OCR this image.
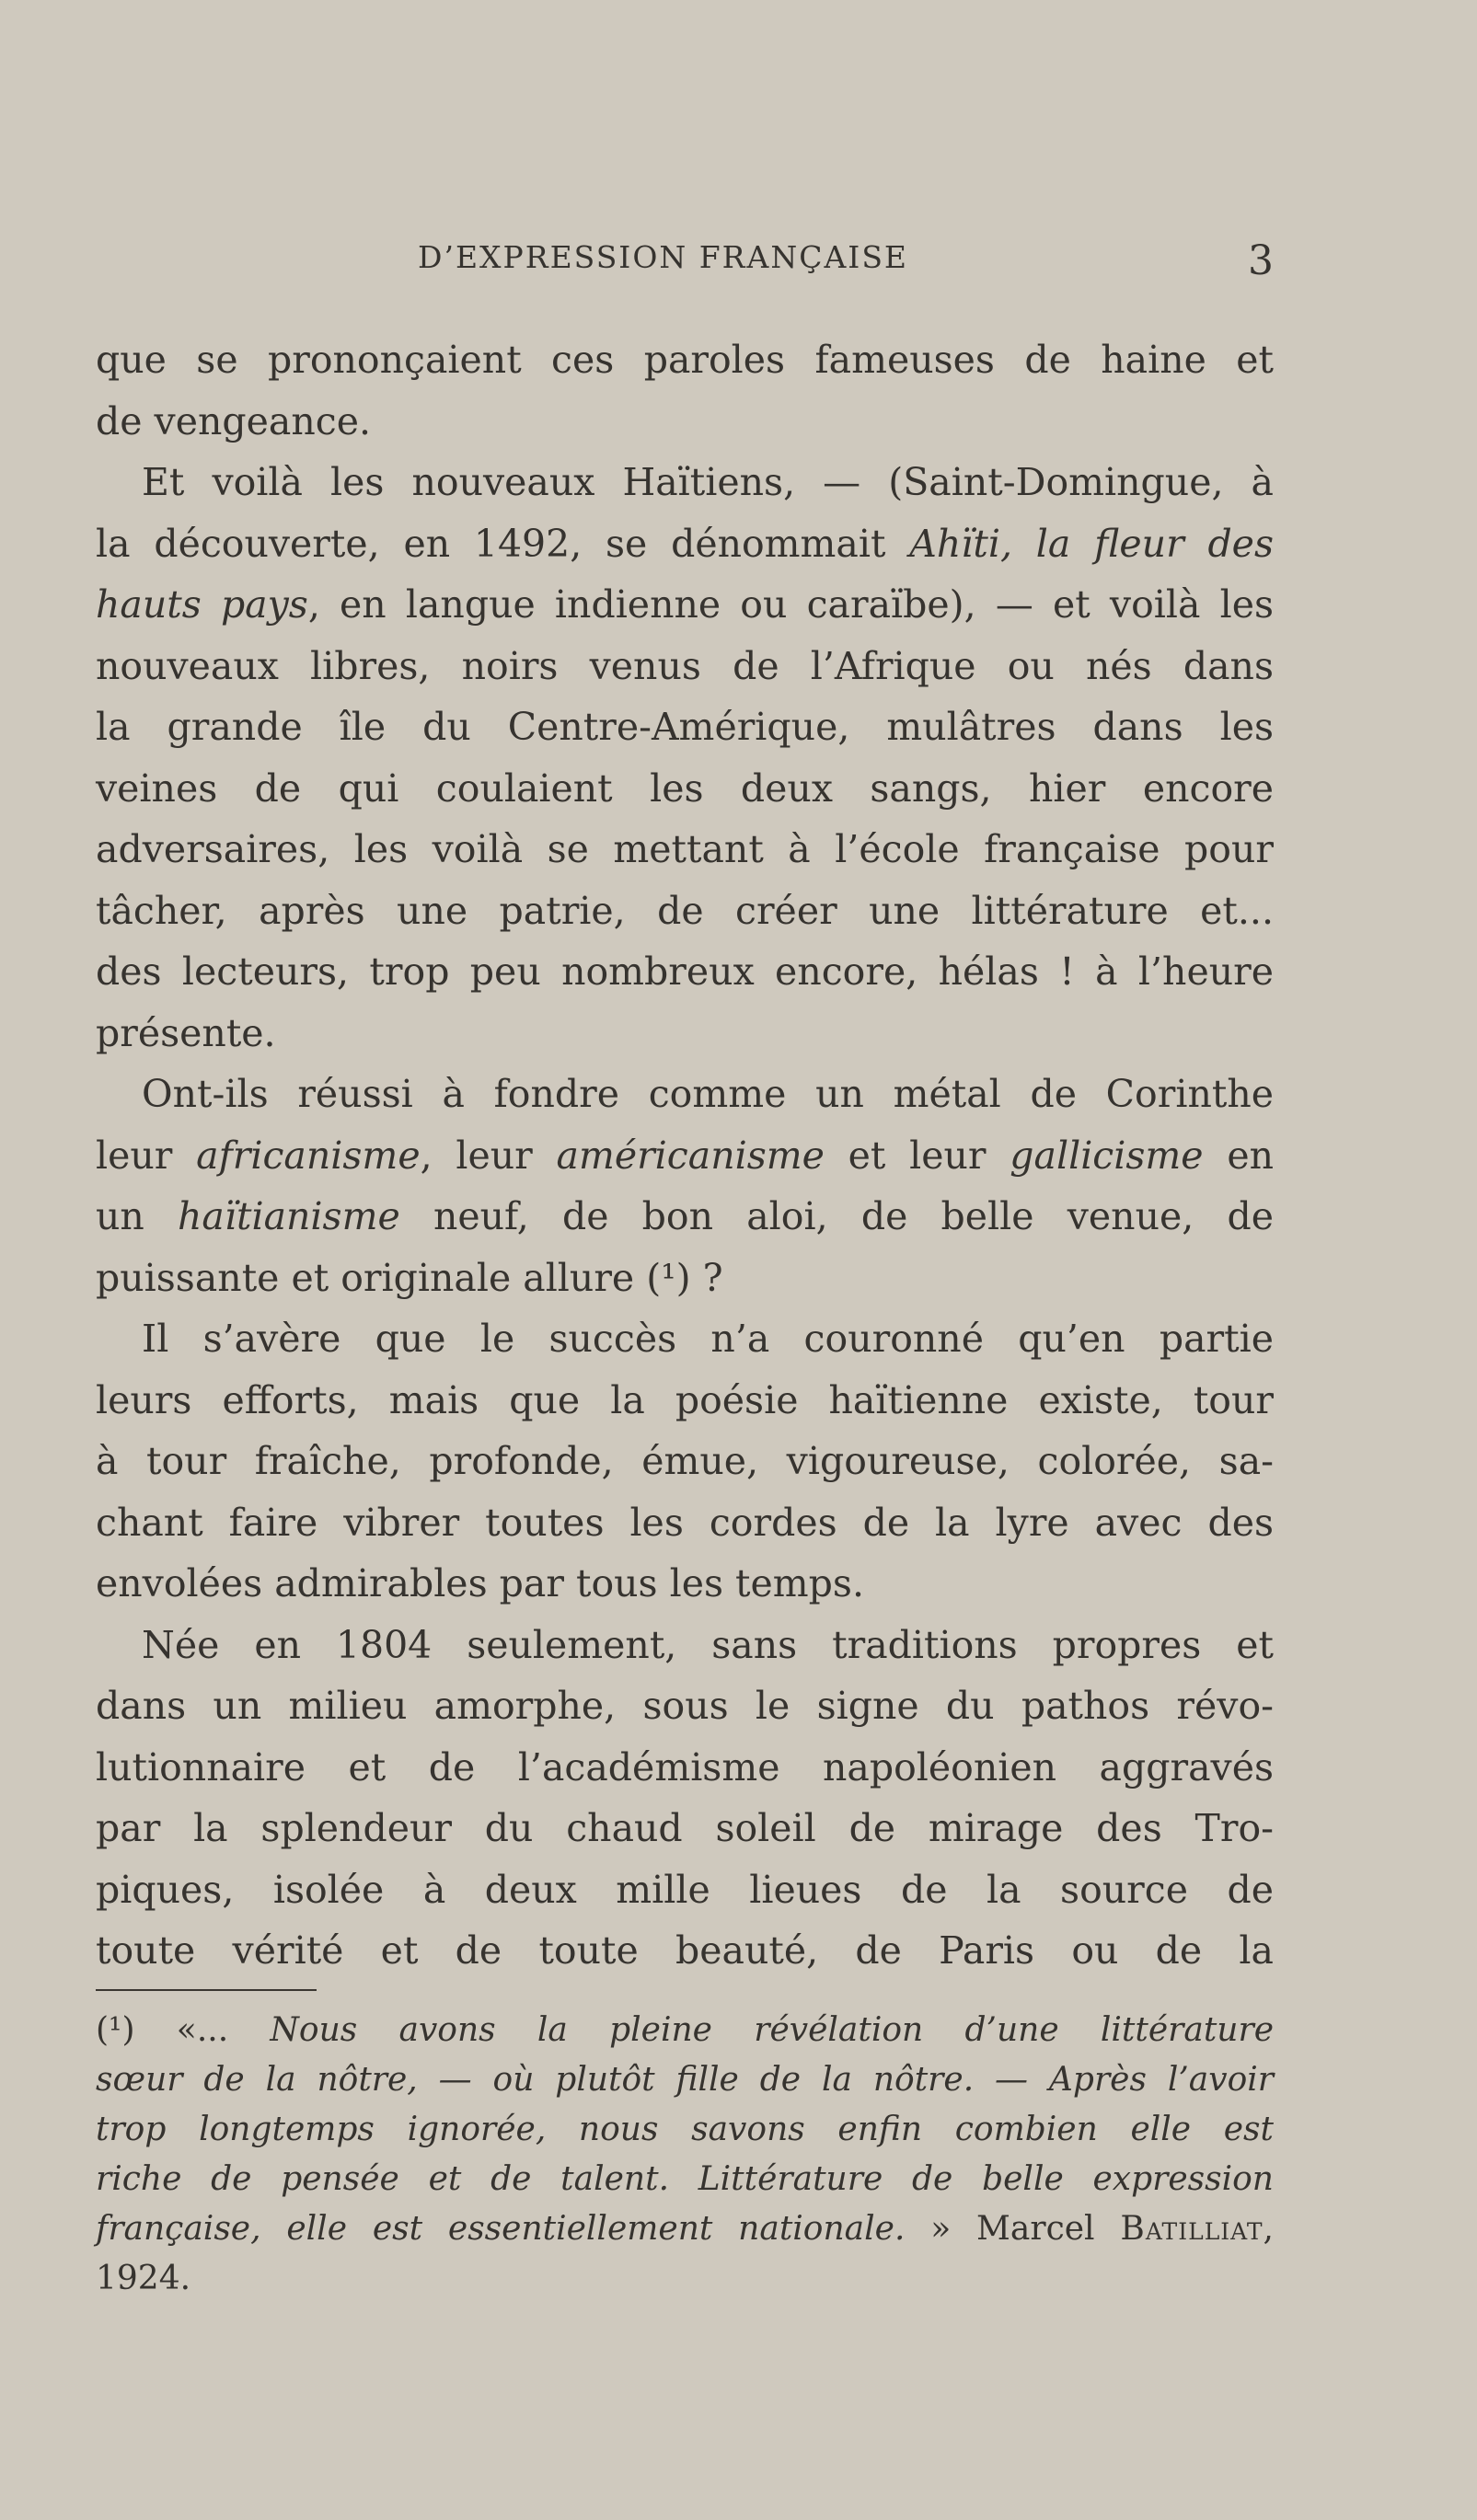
D’EXPRESSION FRANÇAISE	3
que se prononçaient ces paroles fameuses de haine et
de vengeance.
Et voilà les nouveaux Haïtiens, — (Saint-Domingue, à
la découverte, en 1492, se dénommait Ahïti, la fleur des
hauts pays, en langue indienne ou caraïbe), — et voilà les
nouveaux libres, noirs venus de l’Afrique ou nés dans
la grande île du Centre-Amérique, mulâtres dans les
veines de qui coulaient les deux sangs, hier encore
adversaires, les voilà se mettant à l’école française pour
tâcher, après une patrie, de créer une littérature et...
des lecteurs, trop peu nombreux encore, hélas ! à l’heure
présente.
Ont-ils réussi à fondre comme un métal de Corinthe
leur africanisme, leur américanisme et leur gallicisme en
un haïtianisme neuf, de bon aloi, de belle venue, de
puissante et originale allure (¹) ?
Il s’avère que le succès n’a couronné qu’en partie
leurs efforts, mais que la poésie haïtienne existe, tour
à tour fraîche, profonde, émue, vigoureuse, colorée, sa-
chant faire vibrer toutes les cordes de la lyre avec des
envolées admirables par tous les temps.
Née en 1804 seulement, sans traditions propres et
dans un milieu amorphe, sous le signe du pathos révo-
lutionnaire et de l’académisme napoléonien aggravés
par la splendeur du chaud soleil de mirage des Tro-
piques, isolée à deux mille lieues de la source de
toute vérité et de toute beauté, de Paris ou de la
(¹) «... Nous avons la pleine révélation d’une littérature
sœur de la nôtre, — où plutôt fille de la nôtre. — Après l’avoir
trop longtemps ignorée, nous savons enfin combien elle est
riche de pensée et de talent. Littérature de belle expression
française, elle est essentiellement nationale. » Marcel Batilliat,
1924.
